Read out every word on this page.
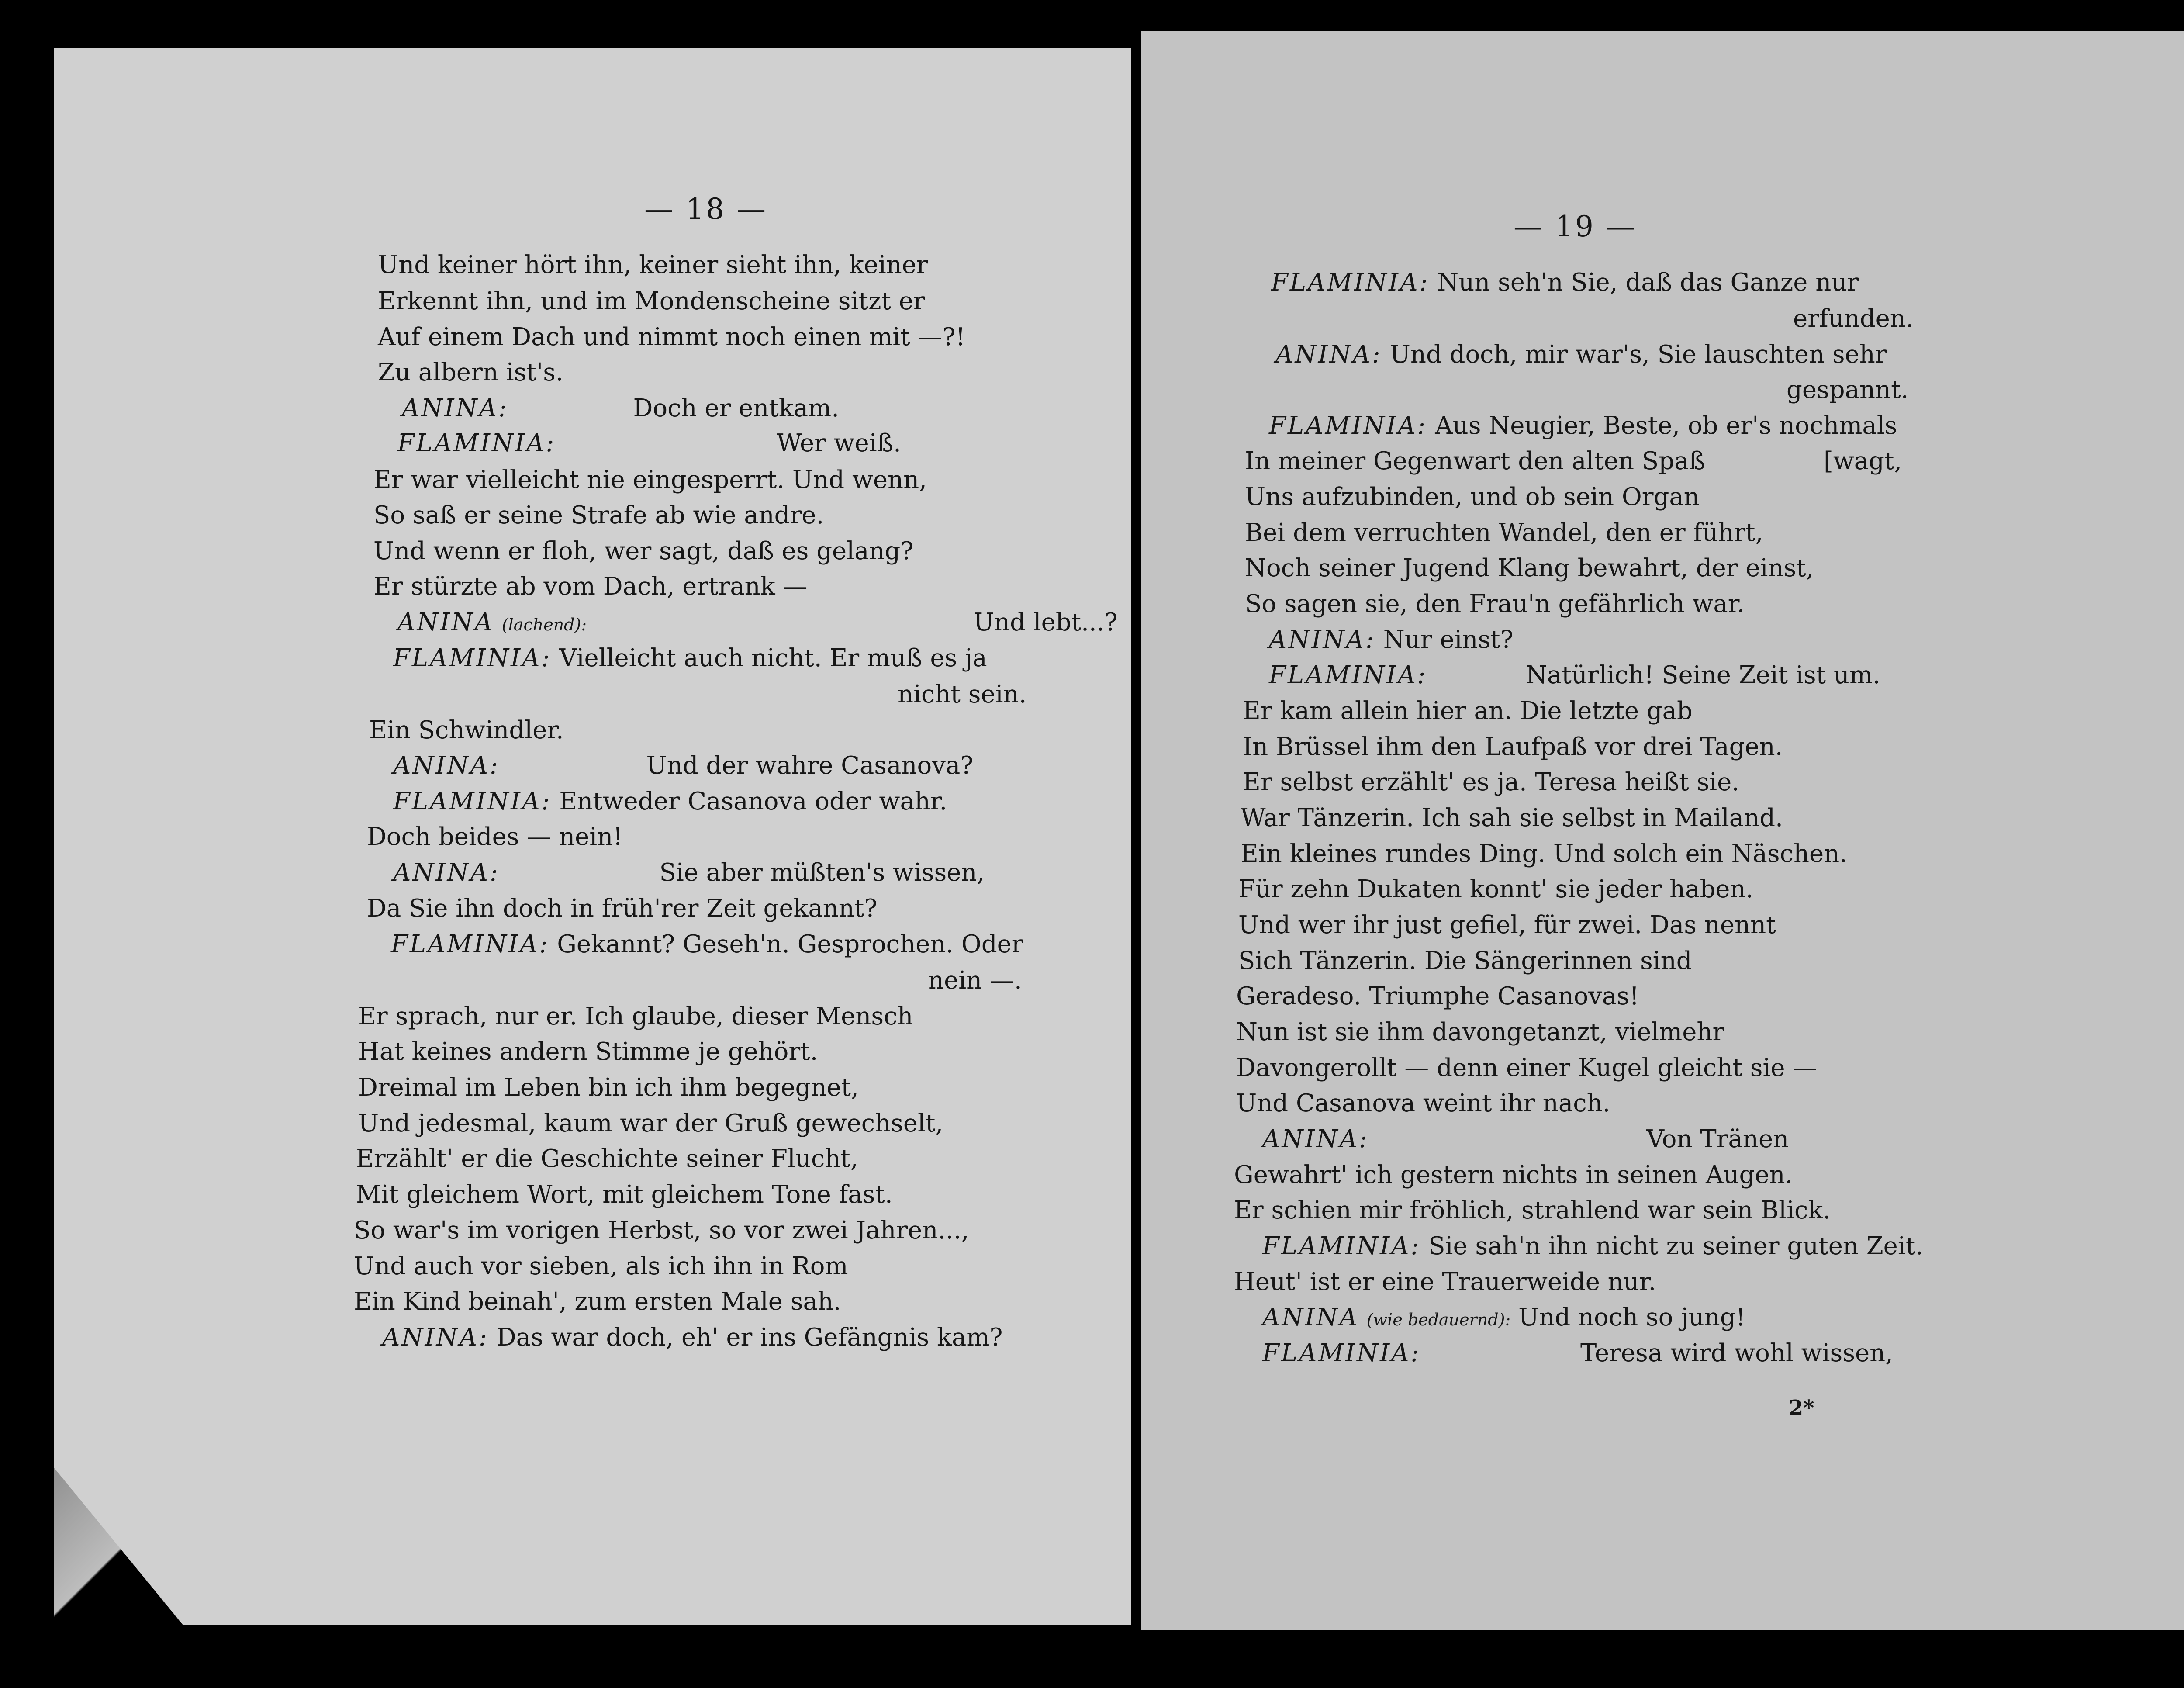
— 18 —
Und keiner hört ihn, keiner sieht ihn, keiner
Erkennt ihn, und im Mondenscheine sitzt er
Auf einem Dach und nimmt noch einen mit —?!
Zu albern ist's.
ANINA:	Doch er entkam.
FLAMINIA:	Wer weiß.
Er war vielleicht nie eingesperrt. Und wenn,
So saß er seine Strafe ab wie andre.
Und wenn er floh, wer sagt, daß es gelang?
Er stürzte ab vom Dach, ertrank —
ANINA (lachend):	Und lebt...?
FLAMINIA: Vielleicht auch nicht. Er muß es ja
nicht sein.
Ein Schwindler.
ANINA:	Und der wahre Casanova?
FLAMINIA: Entweder Casanova oder wahr.
Doch beides — nein!
ANINA:	Sie aber müßten's wissen,
Da Sie ihn doch in früh'rer Zeit gekannt?
FLAMINIA: Gekannt? Geseh'n. Gesprochen. Oder
nein —.
Er sprach, nur er. Ich glaube, dieser Mensch
Hat keines andern Stimme je gehört.
Dreimal im Leben bin ich ihm begegnet,
Und jedesmal, kaum war der Gruß gewechselt,
Erzählt' er die Geschichte seiner Flucht,
Mit gleichem Wort, mit gleichem Tone fast.
So war's im vorigen Herbst, so vor zwei Jahren...,
Und auch vor sieben, als ich ihn in Rom
Ein Kind beinah', zum ersten Male sah.
ANINA: Das war doch, eh' er ins Gefängnis kam?
— 19 —
FLAMINIA: Nun seh'n Sie, daß das Ganze nur
erfunden.
ANINA: Und doch, mir war's, Sie lauschten sehr
gespannt.
FLAMINIA: Aus Neugier, Beste, ob er's nochmals
In meiner Gegenwart den alten Spaß	[wagt,
Uns aufzubinden, und ob sein Organ
Bei dem verruchten Wandel, den er führt,
Noch seiner Jugend Klang bewahrt, der einst,
So sagen sie, den Frau'n gefährlich war.
ANINA: Nur einst?
FLAMINIA:	Natürlich! Seine Zeit ist um.
Er kam allein hier an. Die letzte gab
In Brüssel ihm den Laufpaß vor drei Tagen.
Er selbst erzählt' es ja. Teresa heißt sie.
War Tänzerin. Ich sah sie selbst in Mailand.
Ein kleines rundes Ding. Und solch ein Näschen.
Für zehn Dukaten konnt' sie jeder haben.
Und wer ihr just gefiel, für zwei. Das nennt
Sich Tänzerin. Die Sängerinnen sind
Geradeso. Triumphe Casanovas!
Nun ist sie ihm davongetanzt, vielmehr
Davongerollt — denn einer Kugel gleicht sie —
Und Casanova weint ihr nach.
ANINA:	Von Tränen
Gewahrt' ich gestern nichts in seinen Augen.
Er schien mir fröhlich, strahlend war sein Blick.
FLAMINIA: Sie sah'n ihn nicht zu seiner guten Zeit.
Heut' ist er eine Trauerweide nur.
ANINA (wie bedauernd): Und noch so jung!
FLAMINIA:	Teresa wird wohl wissen,
2*
